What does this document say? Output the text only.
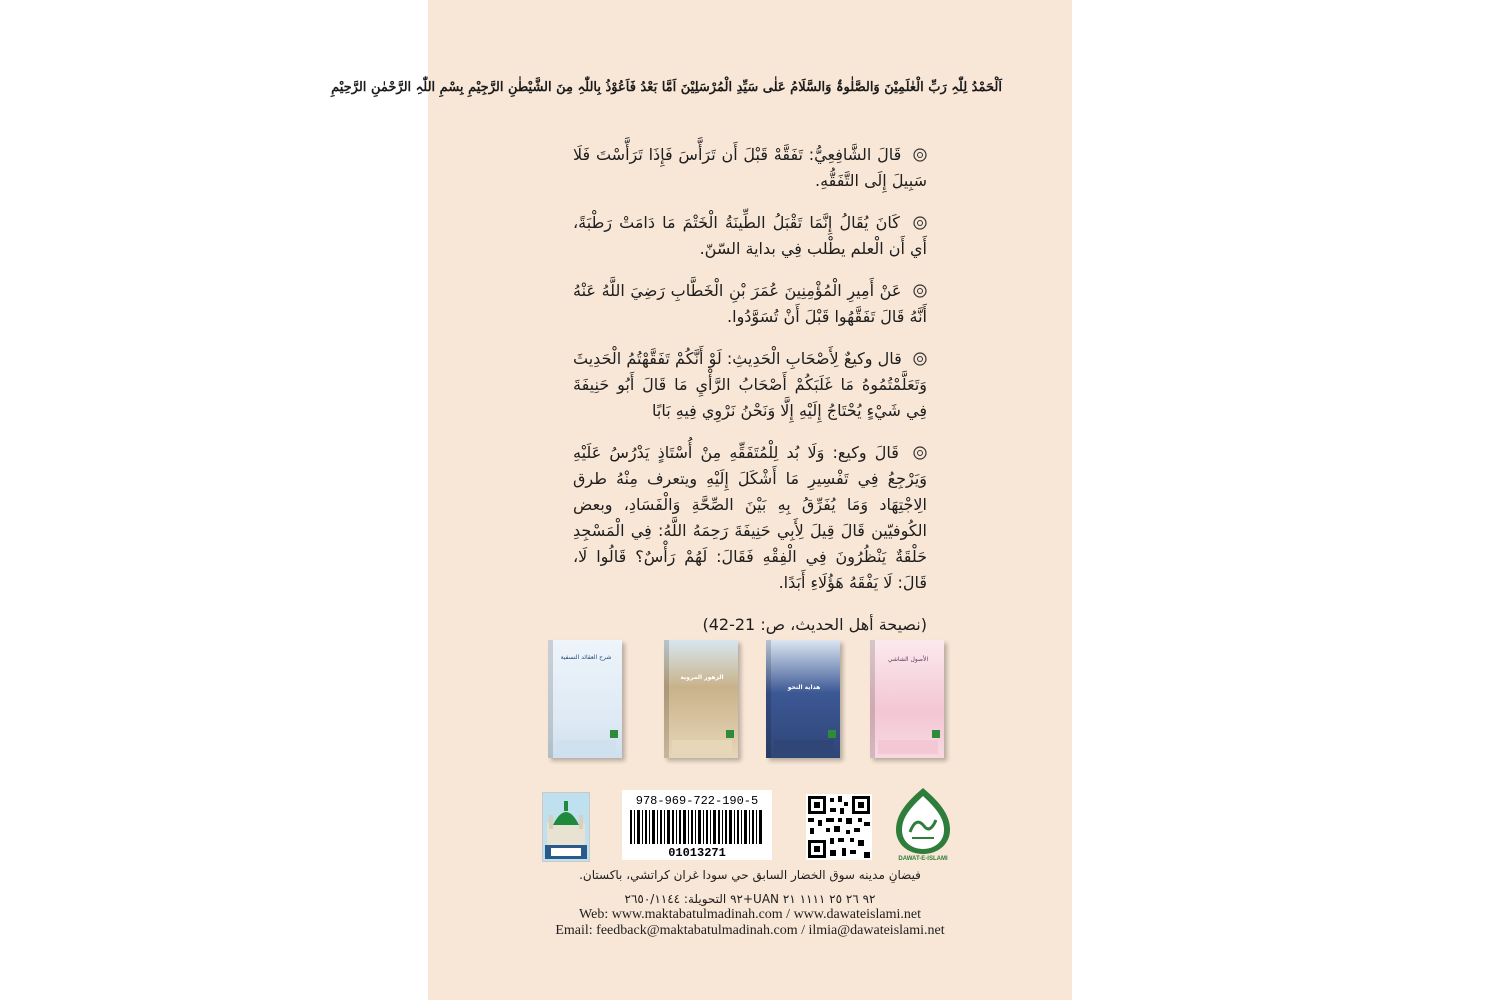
اَلْحَمْدُ لِلّٰہِ رَبِّ الْعٰلَمِیْنَ وَالصَّلٰوۃُ وَالسَّلَامُ عَلٰی سَیِّدِ الْمُرْسَلِیْنَ اَمَّا بَعْدُ فَاَعُوْذُ بِاللّٰہِ مِنَ الشَّیْطٰنِ الرَّجِیْمِ بِسْمِ اللّٰہِ الرَّحْمٰنِ الرَّحِیْمِ

قَالَ الشَّافِعِيُّ: تَفَقَّهْ قَبْلَ أَن تَرَأَّسَ فَإِذَا تَرَأَّسْتَ فَلَا سَبِيلَ إِلَى التَّفَقُّهِ.

كَانَ يُقَالُ إِنَّمَا تَقْبَلُ الطِّينَةُ الْخَتْمَ مَا دَامَتْ رَطْبَةً، أَي أَن الْعلم يطْلب فِي بداية السّنّ.

عَنْ أَمِيرِ الْمُؤْمِنِينَ عُمَرَ بْنِ الْخَطَّابِ رَضِيَ اللَّهُ عَنْهُ أَنَّهُ قَالَ تَفَقَّهُوا قَبْلَ أَنْ تُسَوَّدُوا.

قال وكيعٌ لِأَصْحَابِ الْحَدِيثِ: لَوْ أَنَّكُمْ تَفَقَّهْتُمُ الْحَدِيثَ وَتَعَلَّمْتُمُوهُ مَا غَلَبَكُمْ أَصْحَابُ الرَّأْيِ مَا قَالَ أَبُو حَنِيفَةَ فِي شَيْءٍ يُحْتَاجُ إِلَيْهِ إِلَّا وَنَحْنُ نَرْوِي فِيهِ بَابًا

قَالَ وكيع: وَلَا بُد لِلْمُتَفَقِّهِ مِنْ أُسْتَاذٍ يَدْرُسُ عَلَيْهِ وَيَرْجِعُ فِي تَفْسِيرِ مَا أَشْكَلَ إِلَيْهِ ويتعرف مِنْهُ طرق الِاجْتِهَاد وَمَا يُفَرِّقُ بِهِ بَيْنَ الصِّحَّةِ وَالْفَسَادِ، وبعض الكُوفيّين قَالَ قِيلَ لِأَبِي حَنِيفَةَ رَحِمَهُ اللَّهُ: فِي الْمَسْجِدِ حَلْقَةٌ يَنْظُرُونَ فِي الْفِقْهِ فَقَالَ: لَهُمْ رَأْسٌ؟ قَالُوا لَا، قَالَ: لَا يَفْقَهُ هَؤُلَاءِ أَبَدًا.

(نصيحة أهل الحديث، ص: 21-42)
شرح العقائد النسفية
الزهور المروية
هداية النحو
الأصول الشاشي
978-969-722-190-5
01013271	DAWAT-E-ISLAMI
فيضانِ مدينه سوق الخضار السابق حي سودا غران كراتشي، باكستان.
٩٢ ٢٦ ٢٥ ١١١١ ٢١ UAN+٩٢ التحويلة: ٢٦٥٠/١١٤٤
Web: www.maktabatulmadinah.com / www.dawateislami.net
Email: feedback@maktabatulmadinah.com / ilmia@dawateislami.net
